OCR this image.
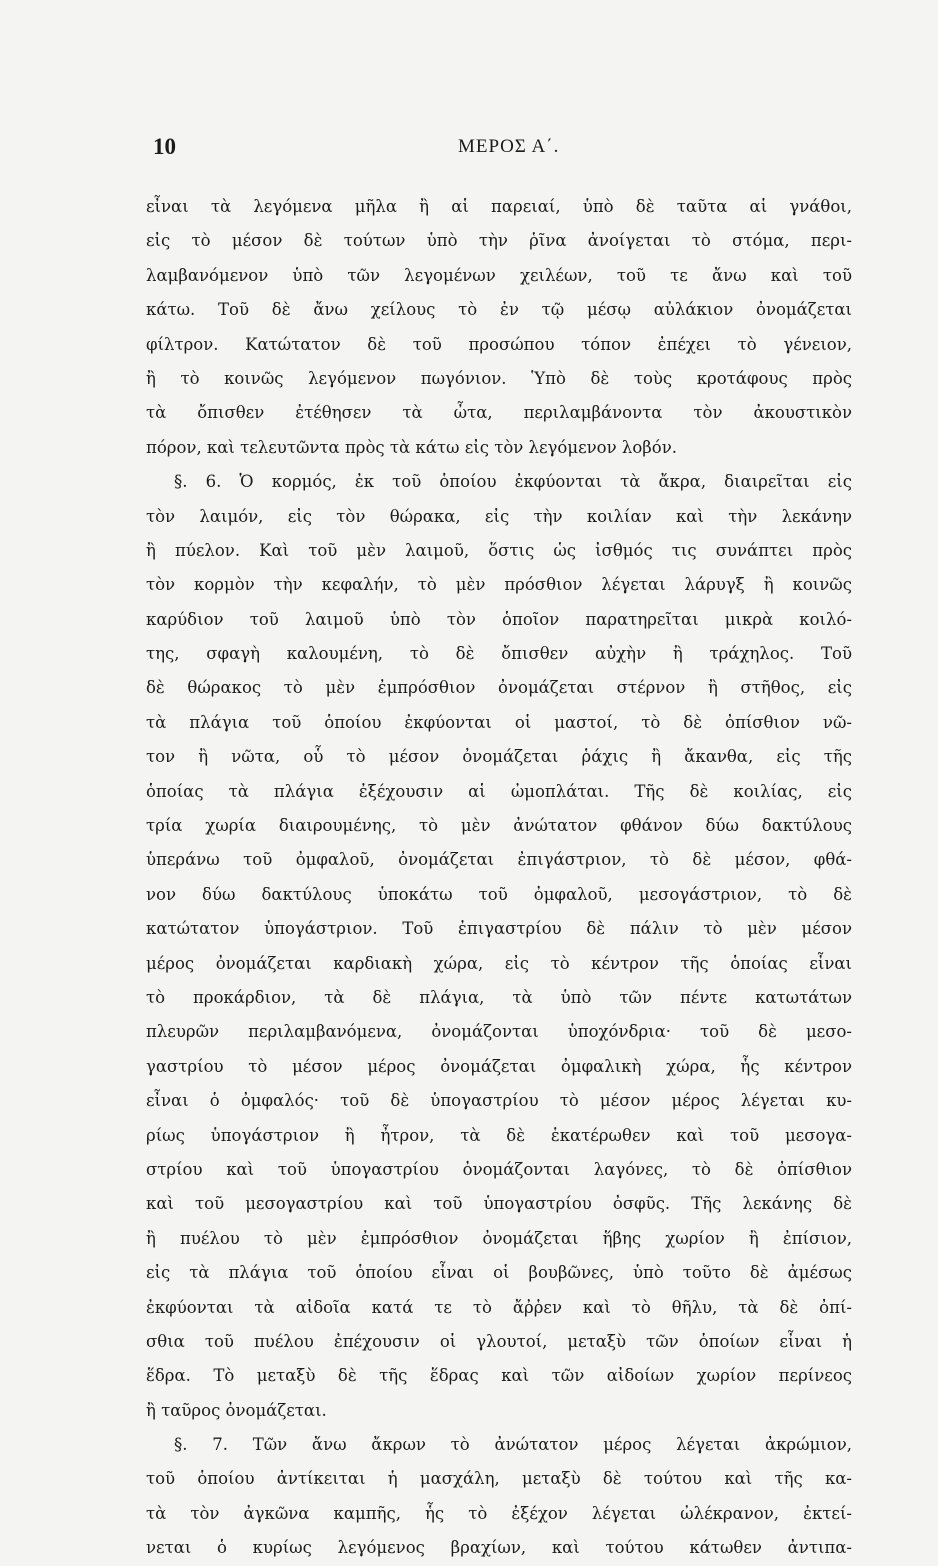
10	ΜΕΡΟΣ Α΄.
εἶναι τὰ λεγόμενα μῆλα ἢ αἱ παρειαί, ὑπὸ δὲ ταῦτα αἱ γνάθοι,
εἰς τὸ μέσον δὲ τούτων ὑπὸ τὴν ῥῖνα ἀνοίγεται τὸ στόμα, περι-
λαμβανόμενον ὑπὸ τῶν λεγομένων χειλέων, τοῦ τε ἄνω καὶ τοῦ
κάτω. Τοῦ δὲ ἄνω χείλους τὸ ἐν τῷ μέσῳ αὐλάκιον ὀνομάζεται
φίλτρον. Κατώτατον δὲ τοῦ προσώπου τόπον ἐπέχει τὸ γένειον,
ἢ τὸ κοινῶς λεγόμενον πωγόνιον. Ὑπὸ δὲ τοὺς κροτάφους πρὸς
τὰ ὄπισθεν ἐτέθησεν τὰ ὦτα, περιλαμβάνοντα τὸν ἀκουστικὸν
πόρον, καὶ τελευτῶντα πρὸς τὰ κάτω εἰς τὸν λεγόμενον λοβόν.
§. 6. Ὁ κορμός, ἐκ τοῦ ὁποίου ἐκφύονται τὰ ἄκρα, διαιρεῖται εἰς
τὸν λαιμόν, εἰς τὸν θώρακα, εἰς τὴν κοιλίαν καὶ τὴν λεκάνην
ἢ πύελον. Καὶ τοῦ μὲν λαιμοῦ, ὅστις ὡς ἰσθμός τις συνάπτει πρὸς
τὸν κορμὸν τὴν κεφαλήν, τὸ μὲν πρόσθιον λέγεται λάρυγξ ἢ κοινῶς
καρύδιον τοῦ λαιμοῦ ὑπὸ τὸν ὁποῖον παρατηρεῖται μικρὰ κοιλό-
της, σφαγὴ καλουμένη, τὸ δὲ ὄπισθεν αὐχὴν ἢ τράχηλος. Τοῦ
δὲ θώρακος τὸ μὲν ἐμπρόσθιον ὀνομάζεται στέρνον ἢ στῆθος, εἰς
τὰ πλάγια τοῦ ὁποίου ἐκφύονται οἱ μαστοί, τὸ δὲ ὀπίσθιον νῶ-
τον ἢ νῶτα, οὗ τὸ μέσον ὀνομάζεται ῥάχις ἢ ἄκανθα, εἰς τῆς
ὁποίας τὰ πλάγια ἐξέχουσιν αἱ ὠμοπλάται. Τῆς δὲ κοιλίας, εἰς
τρία χωρία διαιρουμένης, τὸ μὲν ἀνώτατον φθάνον δύω δακτύλους
ὑπεράνω τοῦ ὀμφαλοῦ, ὀνομάζεται ἐπιγάστριον, τὸ δὲ μέσον, φθά-
νον δύω δακτύλους ὑποκάτω τοῦ ὀμφαλοῦ, μεσογάστριον, τὸ δὲ
κατώτατον ὑπογάστριον. Τοῦ ἐπιγαστρίου δὲ πάλιν τὸ μὲν μέσον
μέρος ὀνομάζεται καρδιακὴ χώρα, εἰς τὸ κέντρον τῆς ὁποίας εἶναι
τὸ προκάρδιον, τὰ δὲ πλάγια, τὰ ὑπὸ τῶν πέντε κατωτάτων
πλευρῶν περιλαμβανόμενα, ὀνομάζονται ὑποχόνδρια· τοῦ δὲ μεσο-
γαστρίου τὸ μέσον μέρος ὀνομάζεται ὀμφαλικὴ χώρα, ἧς κέντρον
εἶναι ὁ ὀμφαλός· τοῦ δὲ ὑπογαστρίου τὸ μέσον μέρος λέγεται κυ-
ρίως ὑπογάστριον ἢ ἦτρον, τὰ δὲ ἑκατέρωθεν καὶ τοῦ μεσογα-
στρίου καὶ τοῦ ὑπογαστρίου ὀνομάζονται λαγόνες, τὸ δὲ ὀπίσθιον
καὶ τοῦ μεσογαστρίου καὶ τοῦ ὑπογαστρίου ὀσφῦς. Τῆς λεκάνης δὲ
ἢ πυέλου τὸ μὲν ἐμπρόσθιον ὀνομάζεται ἥβης χωρίον ἢ ἐπίσιον,
εἰς τὰ πλάγια τοῦ ὁποίου εἶναι οἱ βουβῶνες, ὑπὸ τοῦτο δὲ ἀμέσως
ἐκφύονται τὰ αἰδοῖα κατά τε τὸ ἄῤῥεν καὶ τὸ θῆλυ, τὰ δὲ ὀπί-
σθια τοῦ πυέλου ἐπέχουσιν οἱ γλουτοί, μεταξὺ τῶν ὁποίων εἶναι ἡ
ἕδρα. Τὸ μεταξὺ δὲ τῆς ἕδρας καὶ τῶν αἰδοίων χωρίον περίνεος
ἢ ταῦρος ὀνομάζεται.
§. 7. Τῶν ἄνω ἄκρων τὸ ἀνώτατον μέρος λέγεται ἀκρώμιον,
τοῦ ὁποίου ἀντίκειται ἡ μασχάλη, μεταξὺ δὲ τούτου καὶ τῆς κα-
τὰ τὸν ἀγκῶνα καμπῆς, ἧς τὸ ἐξέχον λέγεται ὠλέκρανον, ἐκτεί-
νεται ὁ κυρίως λεγόμενος βραχίων, καὶ τούτου κάτωθεν ἀντιπα-
